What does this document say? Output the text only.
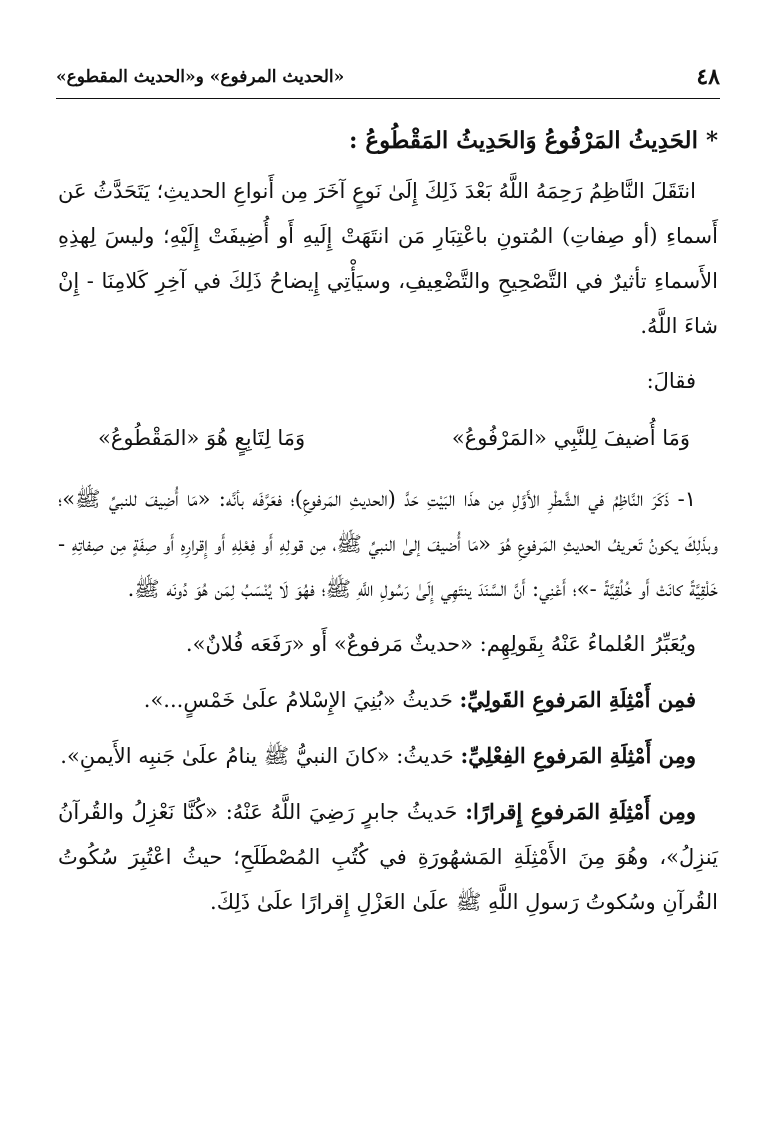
٤٨
«الحديث المرفوع» و«الحديث المقطوع»

* الحَدِيثُ المَرْفُوعُ وَالحَدِيثُ المَقْطُوعُ :

انتَقَلَ النَّاظِمُ رَحِمَهُ اللَّهُ بَعْدَ ذَلِكَ إِلَىٰ نَوعٍ آخَرَ مِن أَنواعِ الحديثِ؛ يَتَحَدَّثُ عَن أَسماءِ (أو صِفاتِ) المُتونِ باعْتِبَارِ مَن انتَهَتْ إِلَيهِ أَو أُضِيفَتْ إِلَيْهِ؛ وليسَ لِهذِهِ الأَسماءِ تأثيرٌ في التَّصْحِيحِ والتَّضْعِيفِ، وسيَأْتِي إِيضاحُ ذَلِكَ في آخِرِ كَلامِنَا - إِنْ شاءَ اللَّهُ.

فقالَ:

وَمَا أُضيفَ لِلنَّبِي «المَرْفُوعُ»
وَمَا لِتَابِعٍ هُوَ «المَقْطُوعُ»

١- ذَكَرَ النَّاظِمُ في الشَّطْرِ الأَوَّلِ مِن هذَا البَيْتِ حَدَّ (الحديثِ المَرفوعِ)؛ فعَرَّفَه بأنَّه: «مَا أُضِيفَ للنبيِّ ﷺ»؛ وبذَلِكَ يكونُ تَعريفُ الحديثِ المَرفوعِ هُوَ «مَا أُضيفَ إلىٰ النبيِّ ﷺ، مِن قولِهِ أَو فِعْلِهِ أَو إِقرارِهِ أَو صِفَةٍ مِن صِفاتِهِ - خَلْقِيَّةً كانَتْ أَو خُلُقِيَّةً -»؛ أَعْنِي: أَنَّ السَّنَدَ ينتَهِي إِلَىٰ رَسُولِ اللَّهِ ﷺ؛ فهُوَ لَا يُنْسَبُ لِمَن هُوَ دُونَه ﷺ.

ويُعَبِّرُ العُلماءُ عَنْهُ بِقَولِهِم: «حديثٌ مَرفوعٌ» أَو «رَفَعَه فُلانٌ».

فمِن أَمْثِلَةِ المَرفوعِ القَولِيِّ: حَديثُ «بُنِيَ الإِسْلامُ علَىٰ خَمْسٍ...».

ومِن أَمْثِلَةِ المَرفوعِ الفِعْلِيِّ: حَديثُ: «كانَ النبيُّ ﷺ ينامُ علَىٰ جَنبِه الأَيمنِ».

ومِن أَمْثِلَةِ المَرفوعِ إِقرارًا: حَديثُ جابرٍ رَضِيَ اللَّهُ عَنْهُ: «كُنَّا نَعْزِلُ والقُرآنُ يَنزِلُ»، وهُوَ مِنَ الأَمْثِلَةِ المَشهُورَةِ في كُتُبِ المُصْطَلَحِ؛ حيثُ اعْتُبِرَ سُكُوتُ القُرآنِ وسُكوتُ رَسولِ اللَّهِ ﷺ علَىٰ العَزْلِ إِقرارًا علَىٰ ذَلِكَ.
